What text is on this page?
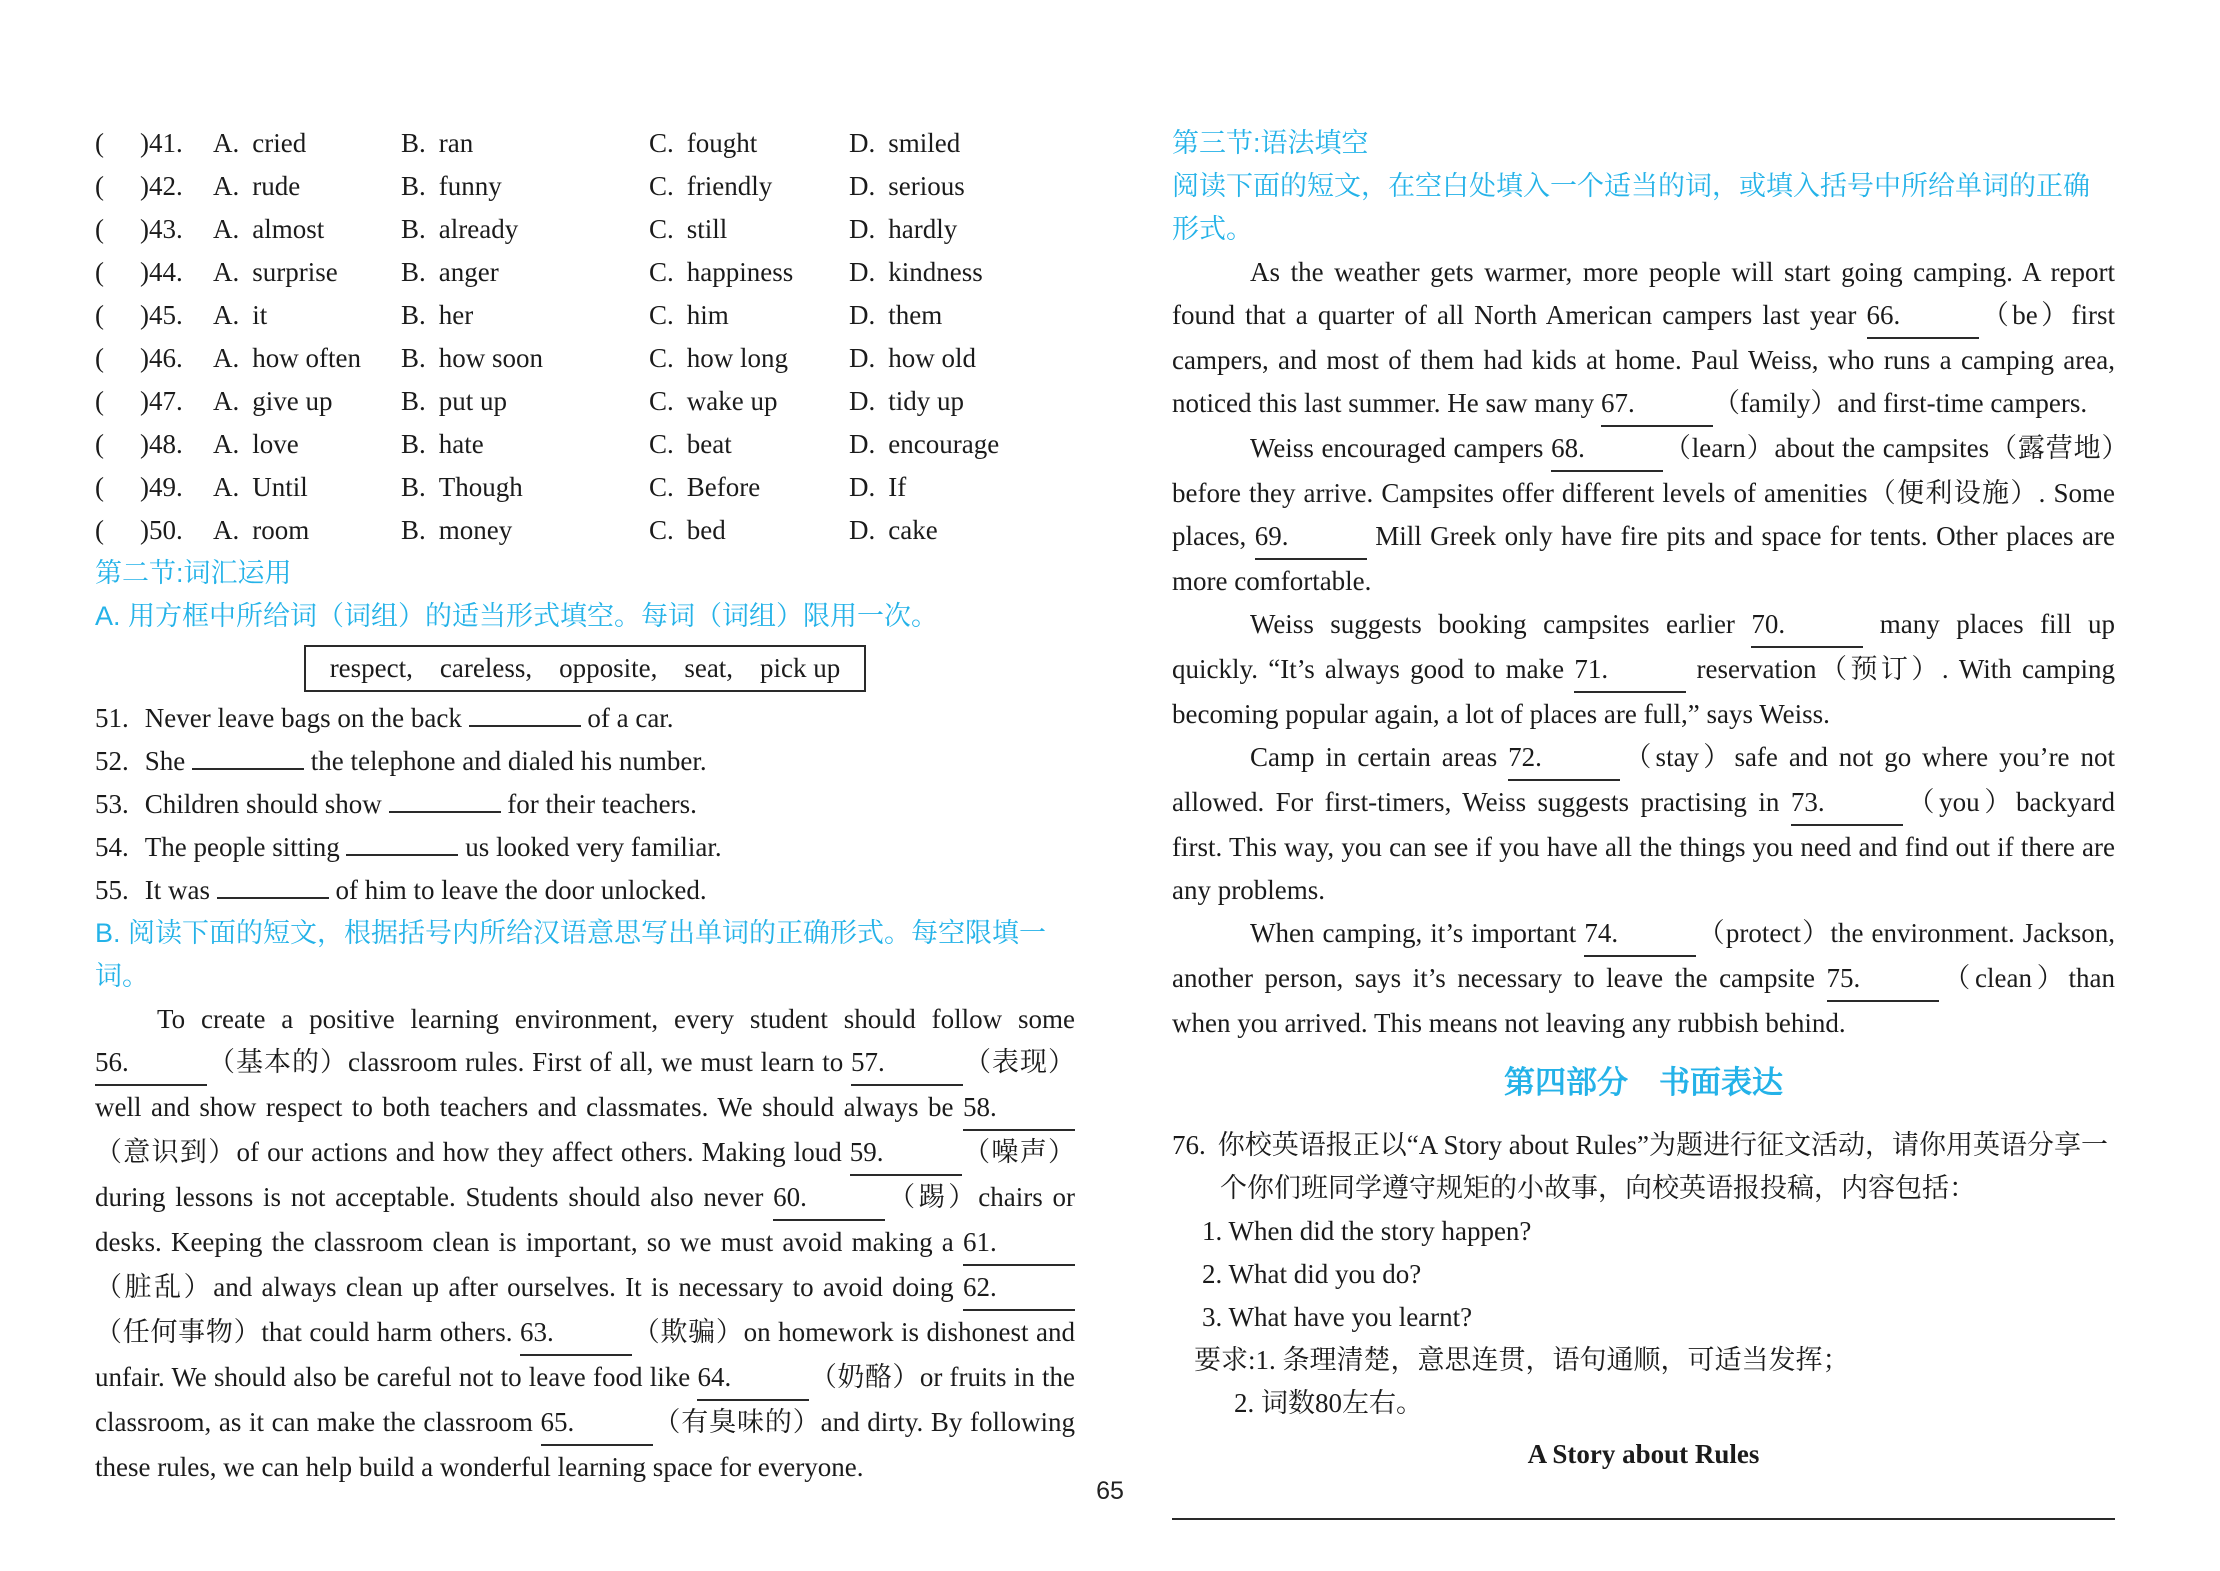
( )41.	A. cried	B. ran	C. fought	D. smiled
( )42.	A. rude	B. funny	C. friendly	D. serious
( )43.	A. almost	B. already	C. still	D. hardly
( )44.	A. surprise	B. anger	C. happiness	D. kindness
( )45.	A. it	B. her	C. him	D. them
( )46.	A. how often	B. how soon	C. how long	D. how old
( )47.	A. give up	B. put up	C. wake up	D. tidy up
( )48.	A. love	B. hate	C. beat	D. encourage
( )49.	A. Until	B. Though	C. Before	D. If
( )50.	A. room	B. money	C. bed	D. cake
第二节:词汇运用
A. 用方框中所给词（词组）的适当形式填空。每词（词组）限用一次。
respect,    careless,    opposite,    seat,    pick up
51. Never leave bags on the back	of a car.
52. She	the telephone and dialed his number.
53. Children should show	for their teachers.
54. The people sitting	us looked very familiar.
55. It was	of him to leave the door unlocked.
B. 阅读下面的短文，根据括号内所给汉语意思写出单词的正确形式。每空限填一词。
To create a positive learning environment, every student should follow some 56.	（基本的）classroom rules. First of all, we must learn to 57.	（表现）well and show respect to both teachers and classmates. We should always be 58.（意识到）of our actions and how they affect others. Making loud 59.	（噪声）during lessons is not acceptable. Students should also never 60.	（踢）chairs or desks. Keeping the classroom clean is important, so we must avoid making a 61.（脏乱）and always clean up after ourselves. It is necessary to avoid doing 62.（任何事物）that could harm others. 63.	（欺骗）on homework is dishonest and unfair. We should also be careful not to leave food like 64.	（奶酪）or fruits in the classroom, as it can make the classroom 65.	（有臭味的）and dirty. By following these rules, we can help build a wonderful learning space for everyone.
第三节:语法填空
阅读下面的短文，在空白处填入一个适当的词，或填入括号中所给单词的正确形式。

As the weather gets warmer, more people will start going camping. A report found that a quarter of all North American campers last year 66.	（be）first campers, and most of them had kids at home. Paul Weiss, who runs a camping area, noticed this last summer. He saw many 67.	（family）and first-time campers.

Weiss encouraged campers 68.	（learn）about the campsites（露营地）before they arrive. Campsites offer different levels of amenities（便利设施）. Some places, 69.	Mill Greek only have fire pits and space for tents. Other places are more comfortable.

Weiss suggests booking campsites earlier 70.	many places fill up quickly. “It’s always good to make 71.	reservation（预订）. With camping becoming popular again, a lot of places are full,” says Weiss.

Camp in certain areas 72.	（stay）safe and not go where you’re not allowed. For first-timers, Weiss suggests practising in 73.	（you）backyard first. This way, you can see if you have all the things you need and find out if there are any problems.

When camping, it’s important 74.	（protect）the environment. Jackson, another person, says it’s necessary to leave the campsite 75.	（clean）than when you arrived. This means not leaving any rubbish behind.

第四部分　书面表达
76. 你校英语报正以“A Story about Rules”为题进行征文活动，请你用英语分享一个你们班同学遵守规矩的小故事，向校英语报投稿，内容包括：
1. When did the story happen?
2. What did you do?
3. What have you learnt?
要求:1. 条理清楚，意思连贯，语句通顺，可适当发挥；
2. 词数80左右。
A Story about Rules
65
